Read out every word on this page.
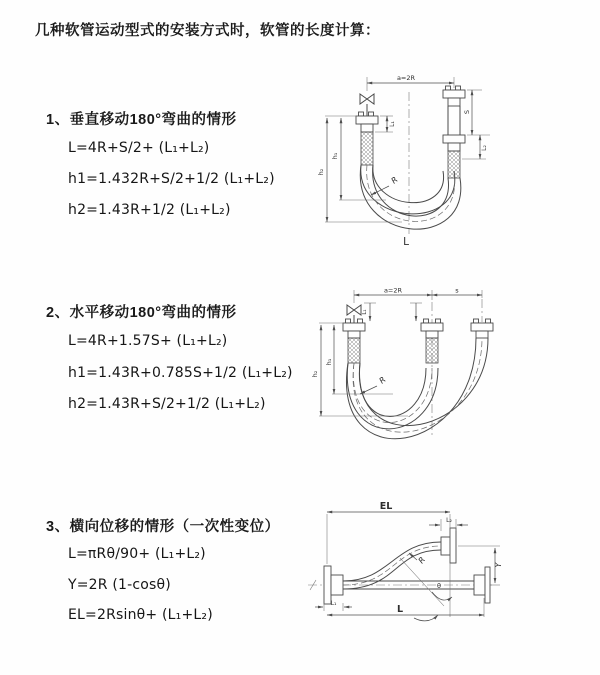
几种软管运动型式的安装方式时，软管的长度计算：
1、垂直移动180°弯曲的情形
L=4R+S/2+ (L₁+L₂)
h1=1.432R+S/2+1/2 (L₁+L₂)
h2=1.43R+1/2 (L₁+L₂)
2、水平移动180°弯曲的情形
L=4R+1.57S+ (L₁+L₂)
h1=1.43R+0.785S+1/2 (L₁+L₂)
h2=1.43R+S/2+1/2 (L₁+L₂)
3、横向位移的情形（一次性变位）
L=πRθ/90+ (L₁+L₂)
Y=2R (1-cosθ)
EL=2Rsinθ+ (L₁+L₂)
a=2R
h₂
h₁
L₁
S
L₂
R
L
a=2R	s
h₂
h₁
L₁
R
EL
L₂
Y
R
θ
L
L₁
